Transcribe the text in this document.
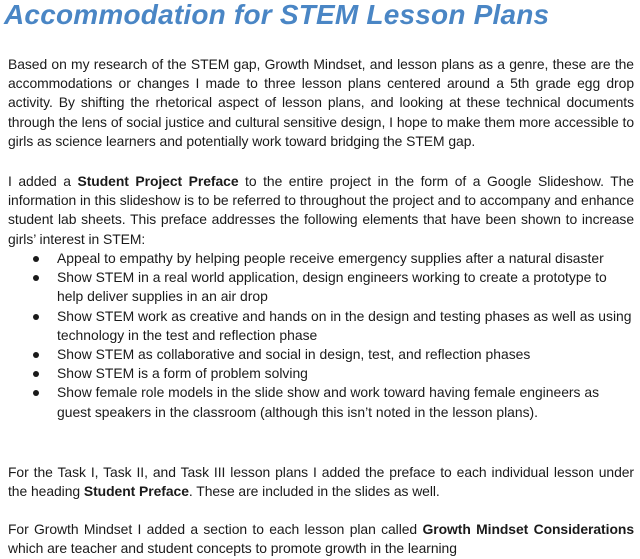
Accommodation for STEM Lesson Plans

Based on my research of the STEM gap, Growth Mindset, and lesson plans as a genre, these are the accommodations or changes I made to three lesson plans centered around a 5th grade egg drop activity. By shifting the rhetorical aspect of lesson plans, and looking at these technical documents through the lens of social justice and cultural sensitive design, I hope to make them more accessible to girls as science learners and potentially work toward bridging the STEM gap.

I added a Student Project Preface to the entire project in the form of a Google Slideshow. The information in this slideshow is to be referred to throughout the project and to accompany and enhance student lab sheets. This preface addresses the following elements that have been shown to increase girls’ interest in STEM:

Appeal to empathy by helping people receive emergency supplies after a natural disaster
Show STEM in a real world application, design engineers working to create a prototype to help deliver supplies in an air drop
Show STEM work as creative and hands on in the design and testing phases as well as using technology in the test and reflection phase
Show STEM as collaborative and social in design, test, and reflection phases
Show STEM is a form of problem solving
Show female role models in the slide show and work toward having female engineers as guest speakers in the classroom (although this isn’t noted in the lesson plans).

For the Task I, Task II, and Task III lesson plans I added the preface to each individual lesson under the heading Student Preface. These are included in the slides as well.

For Growth Mindset I added a section to each lesson plan called Growth Mindset Considerations which are teacher and student concepts to promote growth in the learning
